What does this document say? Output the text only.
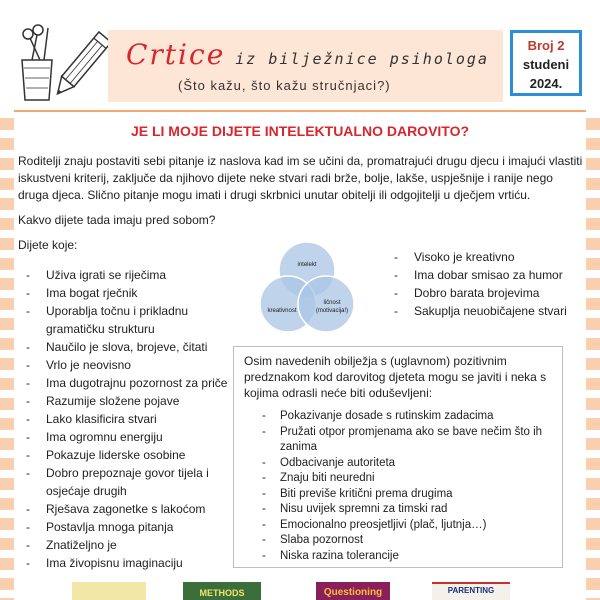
Crtice iz bilježnice psihologa
(Što kažu, što kažu stručnjaci?)
Broj 2
studeni
2024.
JE LI MOJE DIJETE INTELEKTUALNO DAROVITO?

Roditelji znaju postaviti sebi pitanje iz naslova kad im se učini da, promatrajući drugu djecu i imajući vlastiti iskustveni kriterij, zaključe da njihovo dijete neke stvari radi brže, bolje, lakše, uspješnije i ranije nego druga djeca. Slično pitanje mogu imati i drugi skrbnici unutar obitelji ili odgojitelji u dječjem vrtiću.

Kakvo dijete tada imaju pred sobom?

Dijete koje:

- Uživa igrati se riječima
- Ima bogat rječnik
- Uporablja točnu i prikladnu gramatičku strukturu
- Naučilo je slova, brojeve, čitati
- Vrlo je neovisno
- Ima dugotrajnu pozornost za priče
- Razumije složene pojave
- Lako klasificira stvari
- Ima ogromnu energiju
- Pokazuje liderske osobine
- Dobro prepoznaje govor tijela i osjećaje drugih
- Rješava zagonetke s lakoćom
- Postavlja mnoga pitanja
- Znatiželjno je
- Ima živopisnu imaginaciju
intelekt
kreativnost
ličnost
(motivacija!)
- Visoko je kreativno
- Ima dobar smisao za humor
- Dobro barata brojevima
- Sakuplja neuobičajene stvari

Osim navedenih obilježja s (uglavnom) pozitivnim predznakom kod darovitog djeteta mogu se javiti i neka s kojima odrasli neće biti oduševljeni:

- Pokazivanje dosade s rutinskim zadacima
- Pružati otpor promjenama ako se bave nečim što ih zanima
- Odbacivanje autoriteta
- Znaju biti neuredni
- Biti previše kritični prema drugima
- Nisu uvijek spremni za timski rad
- Emocionalno preosjetljivi (plač, ljutnja…)
- Slaba pozornost
- Niska razina tolerancije
METHODS	Questioning	PARENTING
